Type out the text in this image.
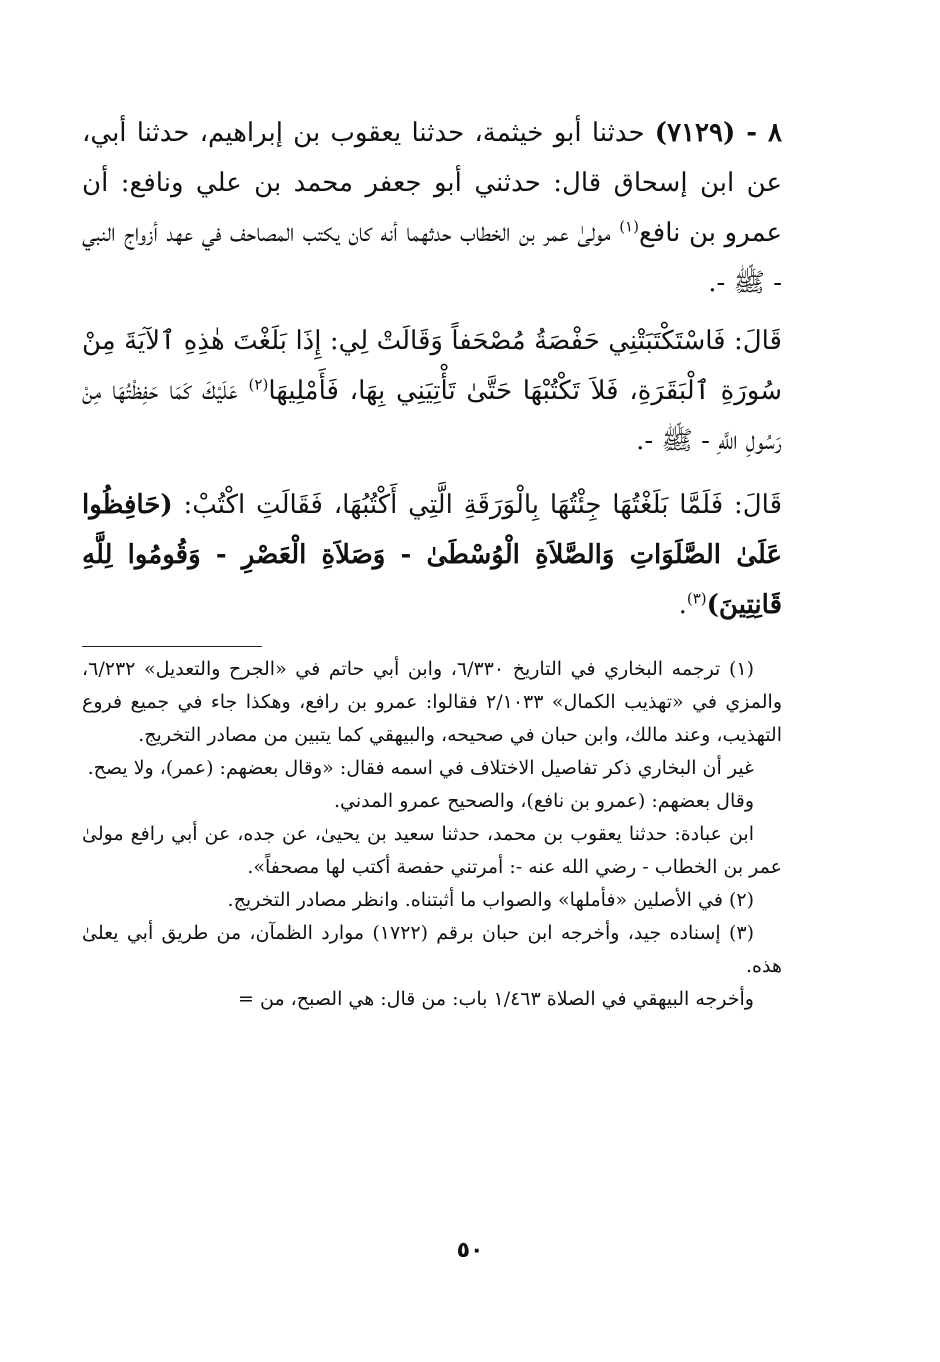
٨ - (٧١٢٩) حدثنا أبو خيثمة، حدثنا يعقوب بن إبراهيم، حدثنا أبي، عن ابن إسحاق قال: حدثني أبو جعفر محمد بن علي ونافع: أن عمرو بن نافع$^{(١)}$ مولىٰ عمر بن الخطاب حدثهما أنه كان يكتب المصاحف في عهد أزواج النبي - ﷺ -.

قَالَ: فَاسْتَكْتَبَتْنِي حَفْصَةُ مُصْحَفاً وَقَالَتْ لِي: إِذَا بَلَغْتَ هٰذِهِ ٱلآيَةَ مِنْ سُورَةِ ٱلْبَقَرَةِ، فَلاَ تَكْتُبْهَا حَتَّىٰ تَأْتِيَنِي بِهَا، فَأَمْلِيهَا$^{(٢)}$ عَلَيْكَ كَمَا حَفِظْتُهَا مِنْ رَسُولِ اللَّهِ - ﷺ -.

قَالَ: فَلَمَّا بَلَغْتُهَا جِئْتُهَا بِالْوَرَقَةِ الَّتِي أَكْتُبُهَا، فَقَالَتِ اكْتُبْ: (حَافِظُوا عَلَىٰ الصَّلَوَاتِ وَالصَّلاَةِ الْوُسْطَىٰ - وَصَلاَةِ الْعَصْرِ - وَقُومُوا لِلَّهِ قَانِتِينَ)$^{(٣)}$.

(١) ترجمه البخاري في التاريخ ٦/٣٣٠، وابن أبي حاتم في «الجرح والتعديل» ٦/٢٣٢، والمزي في «تهذيب الكمال» ٢/١٠٣٣ فقالوا: عمرو بن رافع، وهكذا جاء في جميع فروع التهذيب، وعند مالك، وابن حبان في صحيحه، والبيهقي كما يتبين من مصادر التخريج.

غير أن البخاري ذكر تفاصيل الاختلاف في اسمه فقال: «وقال بعضهم: (عمر)، ولا يصح.

وقال بعضهم: (عمرو بن نافع)، والصحيح عمرو المدني.

ابن عبادة: حدثنا يعقوب بن محمد، حدثنا سعيد بن يحيىٰ، عن جده، عن أبي رافع مولىٰ عمر بن الخطاب - رضي الله عنه -: أمرتني حفصة أكتب لها مصحفاً».

(٢) في الأصلين «فأملها» والصواب ما أثبتناه. وانظر مصادر التخريج.

(٣) إسناده جيد، وأخرجه ابن حبان برقم (١٧٢٢) موارد الظمآن، من طريق أبي يعلىٰ هذه.

وأخرجه البيهقي في الصلاة ١/٤٦٣ باب: من قال: هي الصبح، من =

٥٠
